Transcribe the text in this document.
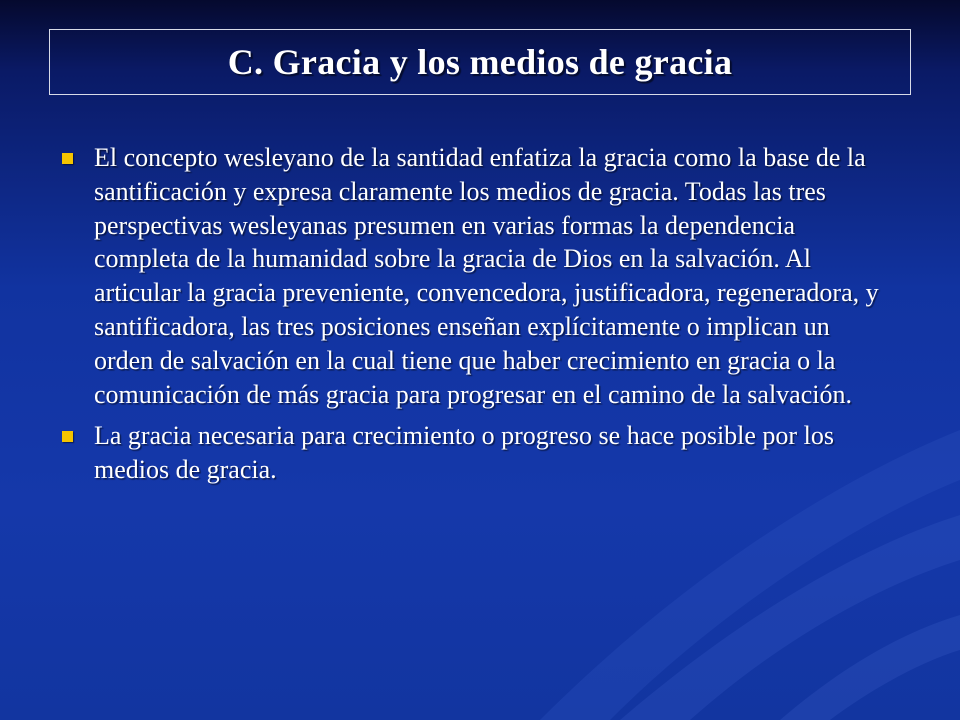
C. Gracia y los medios de gracia
El concepto wesleyano de la santidad enfatiza la gracia como la base de la santificación y expresa claramente los medios de gracia. Todas las tres perspectivas wesleyanas presumen en varias formas la dependencia completa de la humanidad sobre la gracia de Dios en la salvación. Al articular la gracia preveniente, convencedora, justificadora, regeneradora, y santificadora, las tres posiciones enseñan explícitamente o implican un orden de salvación en la cual tiene que haber crecimiento en gracia o la comunicación de más gracia para progresar en el camino de la salvación.
La gracia necesaria para crecimiento o progreso se hace posible por los medios de gracia.
